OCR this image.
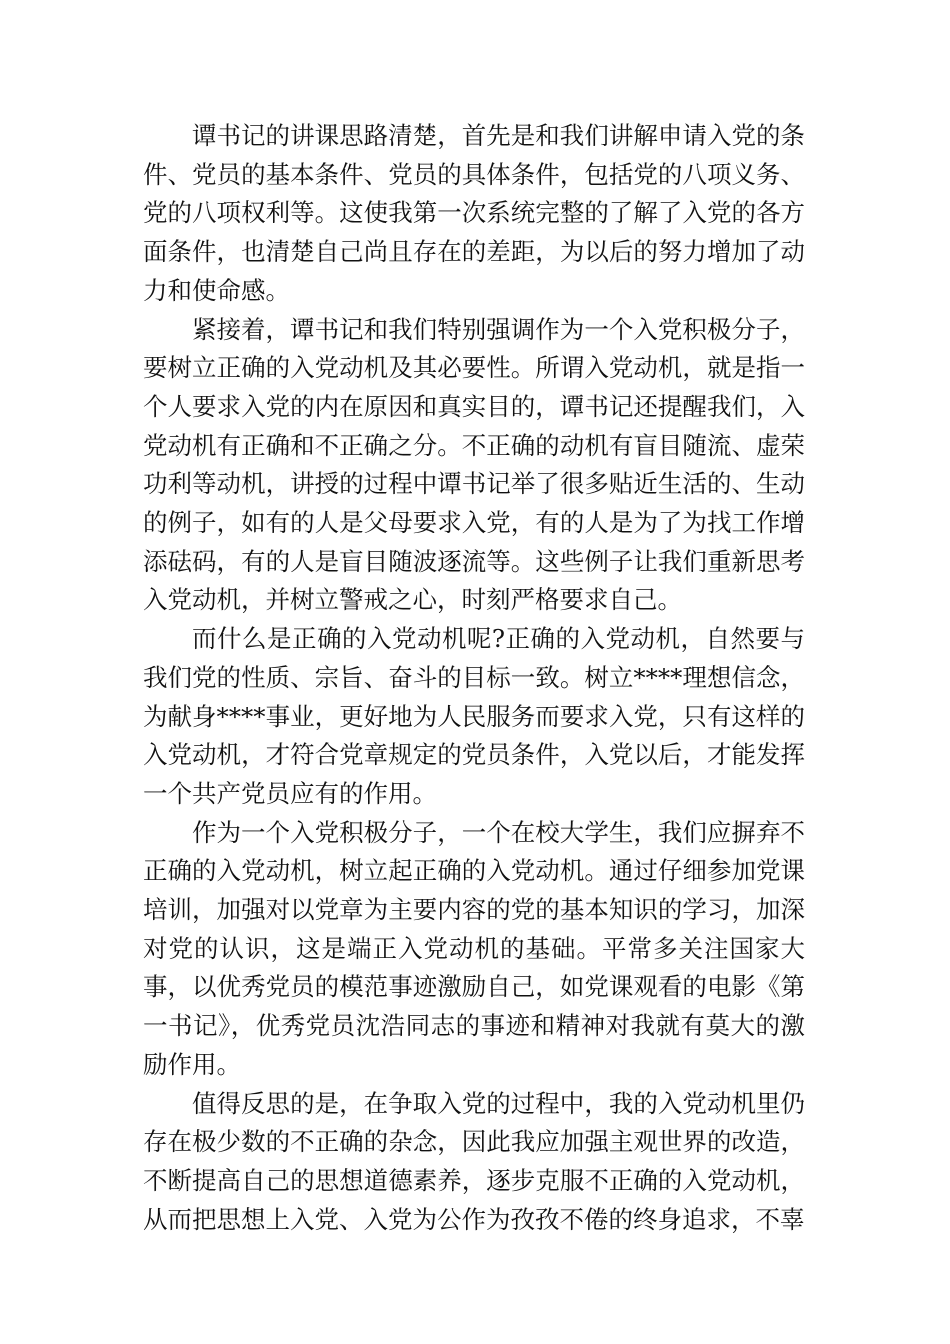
谭书记的讲课思路清楚，首先是和我们讲解申请入党的条件、党员的基本条件、党员的具体条件，包括党的八项义务、党的八项权利等。这使我第一次系统完整的了解了入党的各方面条件，也清楚自己尚且存在的差距，为以后的努力增加了动力和使命感。

紧接着，谭书记和我们特别强调作为一个入党积极分子，要树立正确的入党动机及其必要性。所谓入党动机，就是指一个人要求入党的内在原因和真实目的，谭书记还提醒我们，入党动机有正确和不正确之分。不正确的动机有盲目随流、虚荣功利等动机，讲授的过程中谭书记举了很多贴近生活的、生动的例子，如有的人是父母要求入党，有的人是为了为找工作增添砝码，有的人是盲目随波逐流等。这些例子让我们重新思考入党动机，并树立警戒之心，时刻严格要求自己。

而什么是正确的入党动机呢?正确的入党动机，自然要与我们党的性质、宗旨、奋斗的目标一致。树立****理想信念，为献身****事业，更好地为人民服务而要求入党，只有这样的入党动机，才符合党章规定的党员条件，入党以后，才能发挥一个共产党员应有的作用。

作为一个入党积极分子，一个在校大学生，我们应摒弃不正确的入党动机，树立起正确的入党动机。通过仔细参加党课培训，加强对以党章为主要内容的党的基本知识的学习，加深对党的认识，这是端正入党动机的基础。平常多关注国家大事，以优秀党员的模范事迹激励自己，如党课观看的电影《第一书记》，优秀党员沈浩同志的事迹和精神对我就有莫大的激励作用。

值得反思的是，在争取入党的过程中，我的入党动机里仍存在极少数的不正确的杂念，因此我应加强主观世界的改造，不断提高自己的思想道德素养，逐步克服不正确的入党动机，从而把思想上入党、入党为公作为孜孜不倦的终身追求，不辜
